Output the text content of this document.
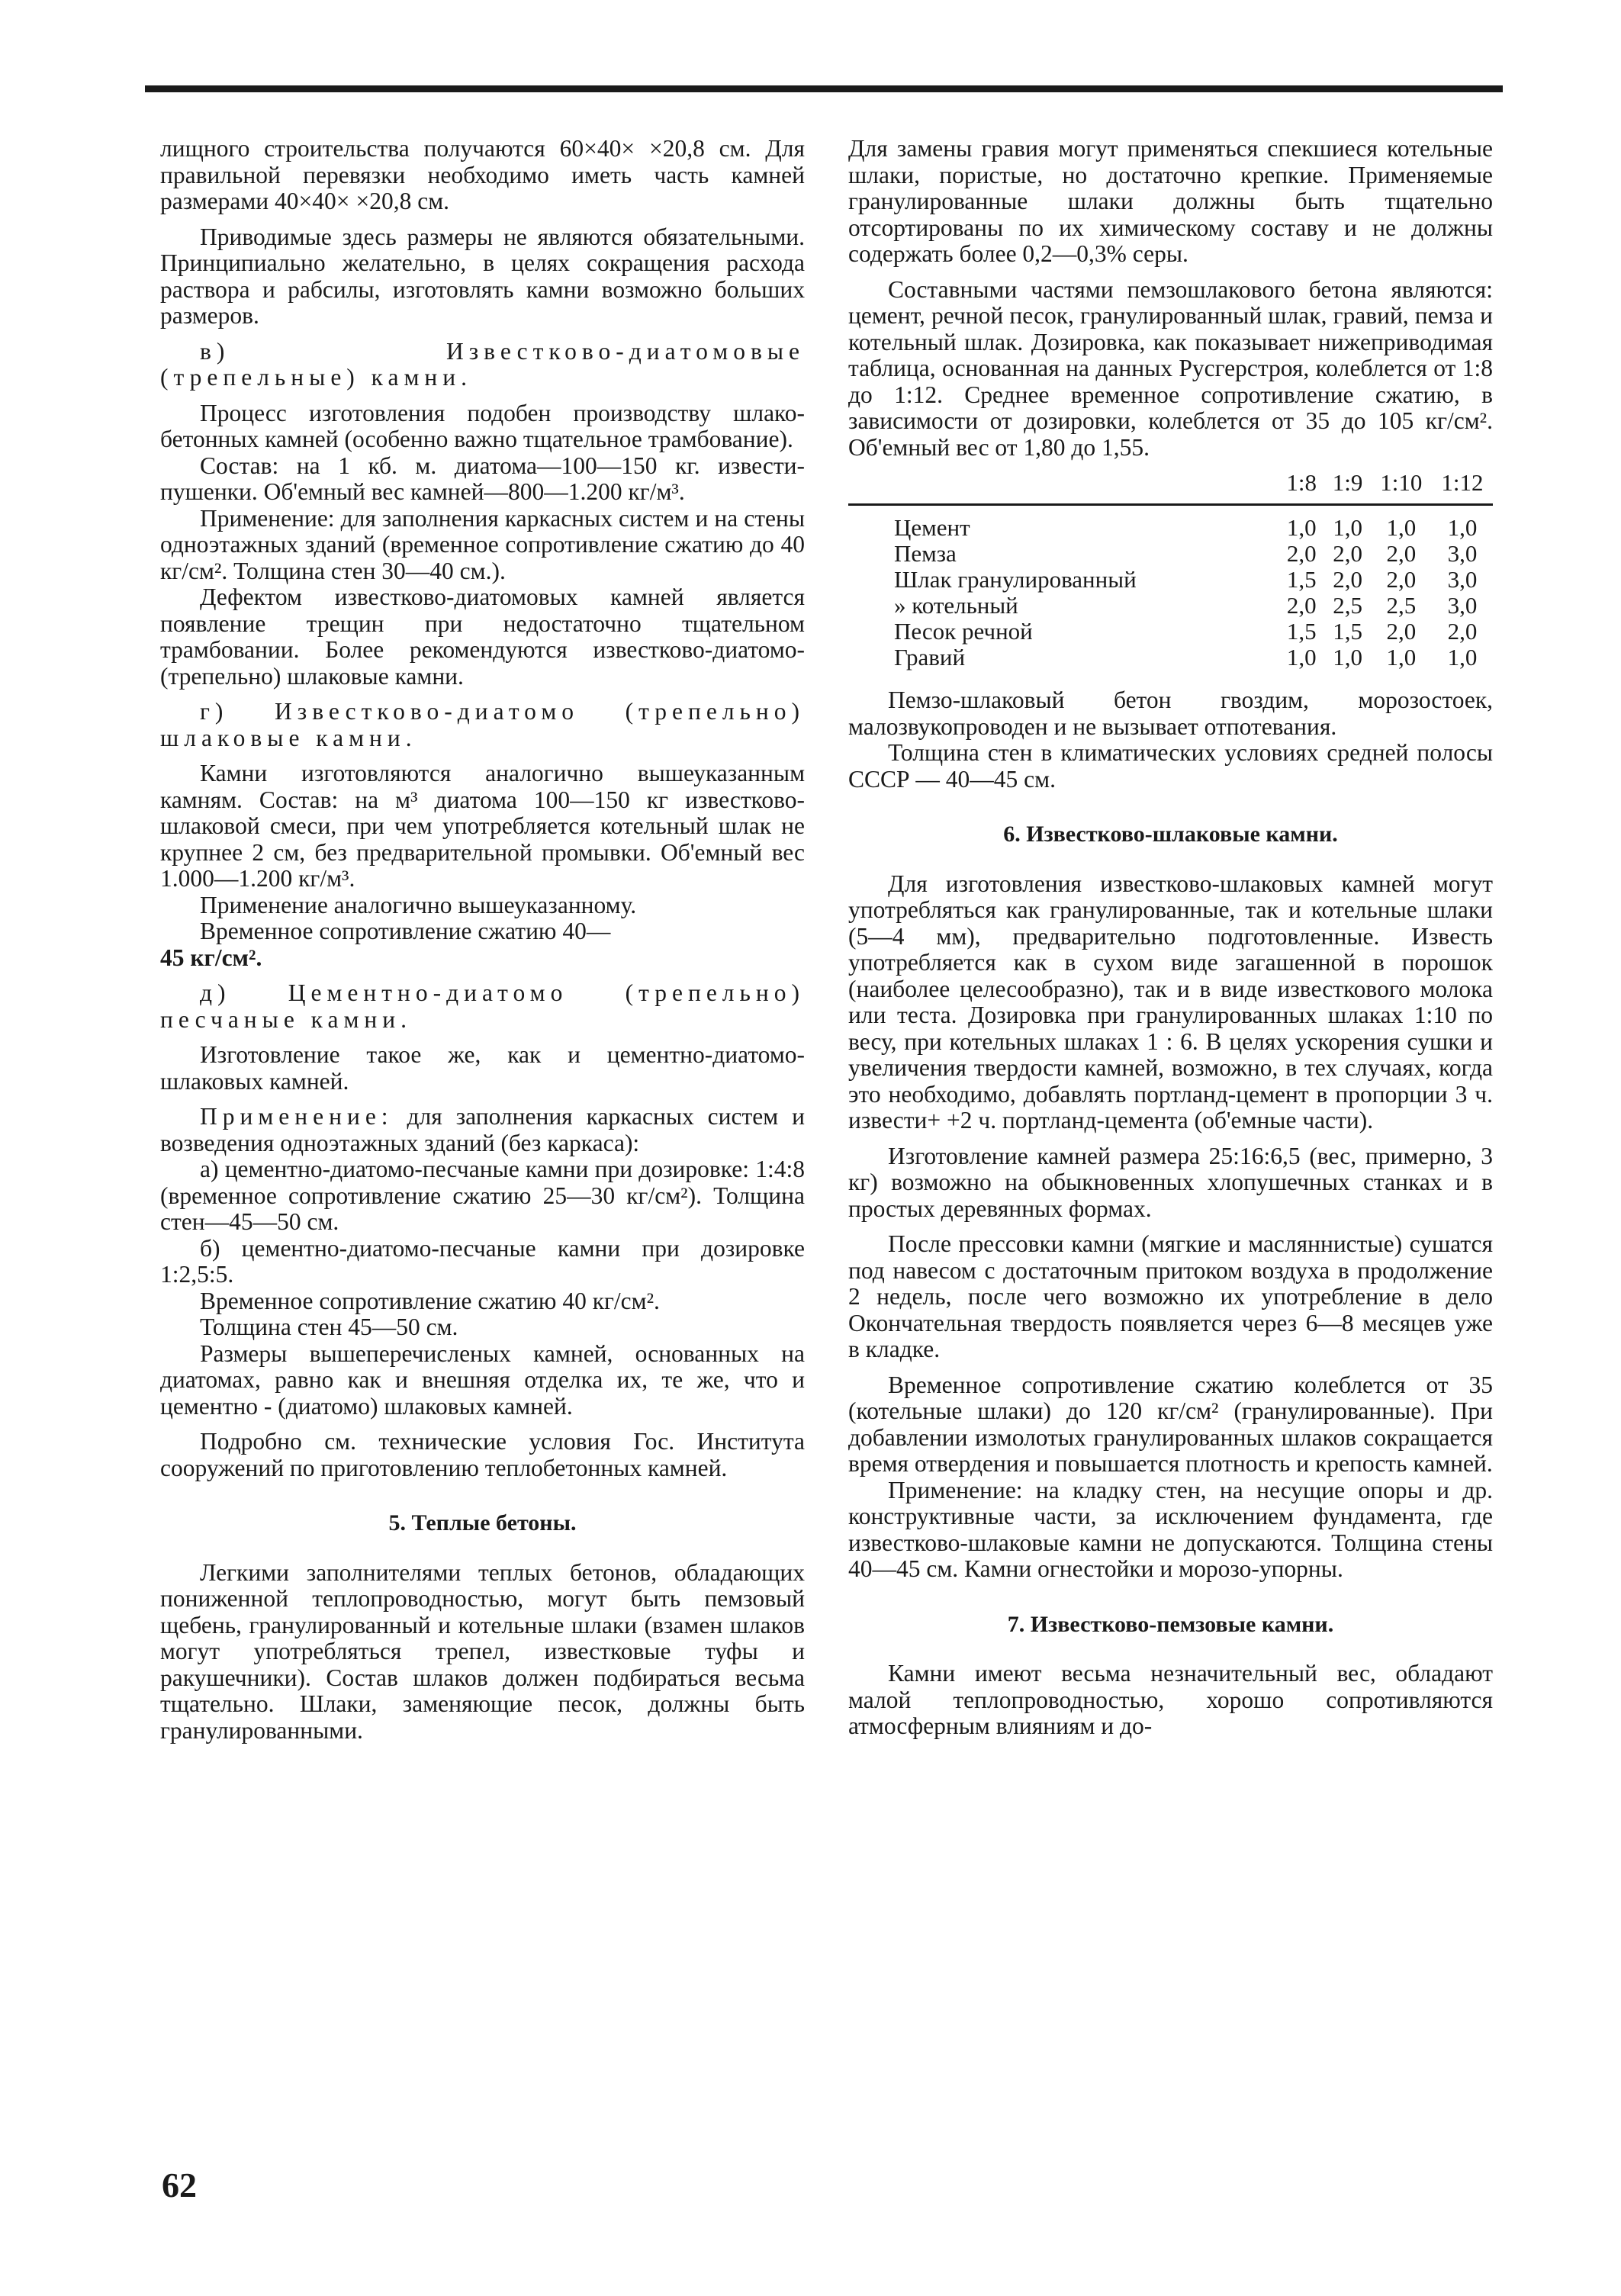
лищного строительства получаются 60×40× ×20,8 см. Для правильной перевязки необходимо иметь часть камней размерами 40×40× ×20,8 см.

Приводимые здесь размеры не являются обязательными. Принципиально желательно, в целях сокращения расхода раствора и рабсилы, изготовлять камни возможно больших размеров.

в) Известково-диатомовые (трепельные) камни.

Процесс изготовления подобен производству шлако-бетонных камней (особенно важно тщательное трамбование).

Состав: на 1 кб. м. диатома—100—150 кг. извести-пушенки. Об'емный вес камней—800—1.200 кг/м³.

Применение: для заполнения каркасных систем и на стены одноэтажных зданий (временное сопротивление сжатию до 40 кг/см². Толщина стен 30—40 см.).

Дефектом известково-диатомовых камней является появление трещин при недостаточно тщательном трамбовании. Более рекомендуются известково-диатомо-(трепельно) шлаковые камни.

г) Известково-диатомо (трепельно) шлаковые камни.

Камни изготовляются аналогично вышеуказанным камням. Состав: на м³ диатома 100—150 кг известково-шлаковой смеси, при чем употребляется котельный шлак не крупнее 2 см, без предварительной промывки. Об'емный вес 1.000—1.200 кг/м³.

Применение аналогично вышеуказанному.

Временное сопротивление сжатию 40—

45 кг/см².

д) Цементно-диатомо (трепельно) песчаные камни.

Изготовление такое же, как и цементно-диатомо-шлаковых камней.

Применение: для заполнения каркасных систем и возведения одноэтажных зданий (без каркаса):

а) цементно-диатомо-песчаные камни при дозировке: 1:4:8 (временное сопротивление сжатию 25—30 кг/см²). Толщина стен—45—50 см.

б) цементно-диатомо-песчаные камни при дозировке 1:2,5:5.

Временное сопротивление сжатию 40 кг/см².

Толщина стен 45—50 см.

Размеры вышеперечисленых камней, основанных на диатомах, равно как и внешняя отделка их, те же, что и цементно - (диатомо) шлаковых камней.

Подробно см. технические условия Гос. Института сооружений по приготовлению теплобетонных камней.

5. Теплые бетоны.

Легкими заполнителями теплых бетонов, обладающих пониженной теплопроводностью, могут быть пемзовый щебень, гранулированный и котельные шлаки (взамен шлаков могут употребляться трепел, известковые туфы и ракушечники). Состав шлаков должен подбираться весьма тщательно. Шлаки, заменяющие песок, должны быть гранулированными.

Для замены гравия могут применяться спекшиеся котельные шлаки, пористые, но достаточно крепкие. Применяемые гранулированные шлаки должны быть тщательно отсортированы по их химическому составу и не должны содержать более 0,2—0,3% серы.

Составными частями пемзошлакового бетона являются: цемент, речной песок, гранулированный шлак, гравий, пемза и котельный шлак. Дозировка, как показывает нижеприводимая таблица, основанная на данных Русгерстроя, колеблется от 1:8 до 1:12. Среднее временное сопротивление сжатию, в зависимости от дозировки, колеблется от 35 до 105 кг/см². Об'емный вес от 1,80 до 1,55.

	1:8	1:9	1:10	1:12
Цемент	1,0	1,0	1,0	1,0
Пемза	2,0	2,0	2,0	3,0
Шлак гранулированный	1,5	2,0	2,0	3,0
» котельный	2,0	2,5	2,5	3,0
Песок речной	1,5	1,5	2,0	2,0
Гравий	1,0	1,0	1,0	1,0

Пемзо-шлаковый бетон гвоздим, морозостоек, малозвукопроводен и не вызывает отпотевания.

Толщина стен в климатических условиях средней полосы СССР — 40—45 см.

6. Известково-шлаковые камни.

Для изготовления известково-шлаковых камней могут употребляться как гранулированные, так и котельные шлаки (5—4 мм), предварительно подготовленные. Известь употребляется как в сухом виде загашенной в порошок (наиболее целесообразно), так и в виде известкового молока или теста. Дозировка при гранулированных шлаках 1:10 по весу, при котельных шлаках 1 : 6. В целях ускорения сушки и увеличения твердости камней, возможно, в тех случаях, когда это необходимо, добавлять портланд-цемент в пропорции 3 ч. извести+ +2 ч. портланд-цемента (об'емные части).

Изготовление камней размера 25:16:6,5 (вес, примерно, 3 кг) возможно на обыкновенных хлопушечных станках и в простых деревянных формах.

После прессовки камни (мягкие и масляннистые) сушатся под навесом с достаточным притоком воздуха в продолжение 2 недель, после чего возможно их употребление в дело Окончательная твердость появляется через 6—8 месяцев уже в кладке.

Временное сопротивление сжатию колеблется от 35 (котельные шлаки) до 120 кг/см² (гранулированные). При добавлении измолотых гранулированных шлаков сокращается время отвердения и повышается плотность и крепость камней.

Применение: на кладку стен, на несущие опоры и др. конструктивные части, за исключением фундамента, где известково-шлаковые камни не допускаются. Толщина стены 40—45 см. Камни огнестойки и морозо-упорны.

7. Известково-пемзовые камни.

Камни имеют весьма незначительный вес, обладают малой теплопроводностью, хорошо сопротивляются атмосферным влияниям и до-

62
